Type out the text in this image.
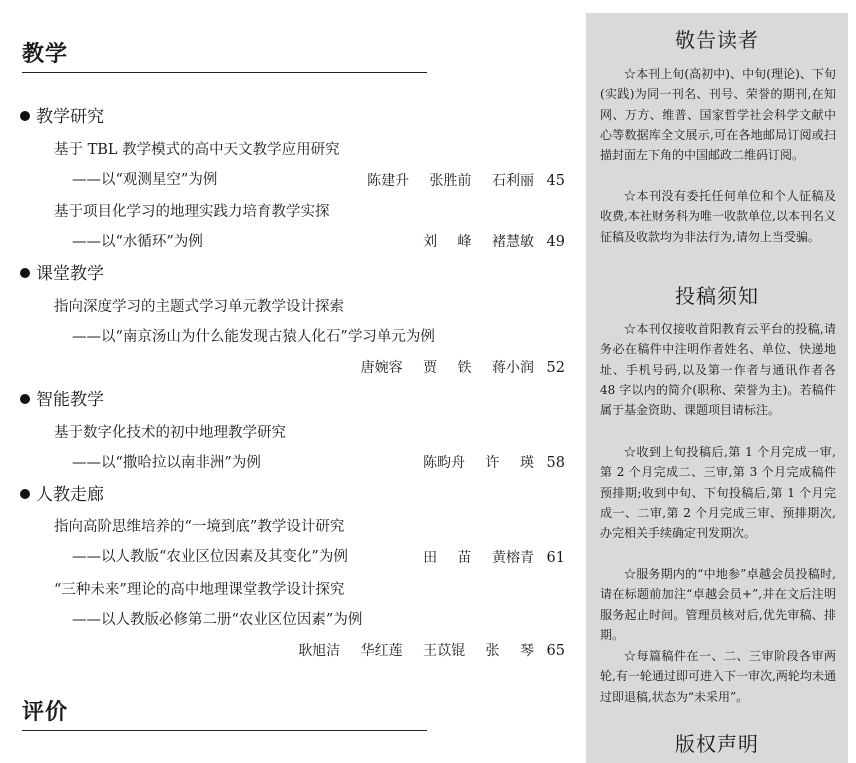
教学
教学研究
基于 TBL 教学模式的高中天文教学应用研究
——以“观测星空”为例	陈建升 张胜前 石利丽 45
基于项目化学习的地理实践力培育教学实探
——以“水循环”为例	刘 峰 褚慧敏 49
课堂教学
指向深度学习的主题式学习单元教学设计探索
——以“南京汤山为什么能发现古猿人化石”学习单元为例
唐婉容 贾 铁 蒋小润 52
智能教学
基于数字化技术的初中地理教学研究
——以“撒哈拉以南非洲”为例	陈畇舟 许 瑛 58
人教走廊
指向高阶思维培养的“一境到底”教学设计研究
——以人教版“农业区位因素及其变化”为例	田 苗 黄榕青 61
“三种未来”理论的高中地理课堂教学设计探究
——以人教版必修第二册“农业区位因素”为例
耿旭洁 华红莲 王苡锟 张 琴 65
评价
敬告读者

☆本刊上旬(高初中)、中旬(理论)、下旬(实践)为同一刊名、刊号、荣誉的期刊,在知网、万方、维普、国家哲学社会科学文献中心等数据库全文展示,可在各地邮局订阅或扫描封面左下角的中国邮政二维码订阅。

☆本刊没有委托任何单位和个人征稿及收费,本社财务科为唯一收款单位,以本刊名义征稿及收款均为非法行为,请勿上当受骗。

投稿须知

☆本刊仅接收首阳教育云平台的投稿,请务必在稿件中注明作者姓名、单位、快递地址、手机号码,以及第一作者与通讯作者各 48 字以内的简介(职称、荣誉为主)。若稿件属于基金资助、课题项目请标注。

☆收到上旬投稿后,第 1 个月完成一审,第 2 个月完成二、三审,第 3 个月完成稿件预排期;收到中旬、下旬投稿后,第 1 个月完成一、二审,第 2 个月完成三审、预排期次,办完相关手续确定刊发期次。

☆服务期内的“中地参”卓越会员投稿时,请在标题前加注“卓越会员+”,并在文后注明服务起止时间。管理员核对后,优先审稿、排期。

☆每篇稿件在一、二、三审阶段各审两轮,有一轮通过即可进入下一审次,两轮均未通过即退稿,状态为“未采用”。

版权声明
